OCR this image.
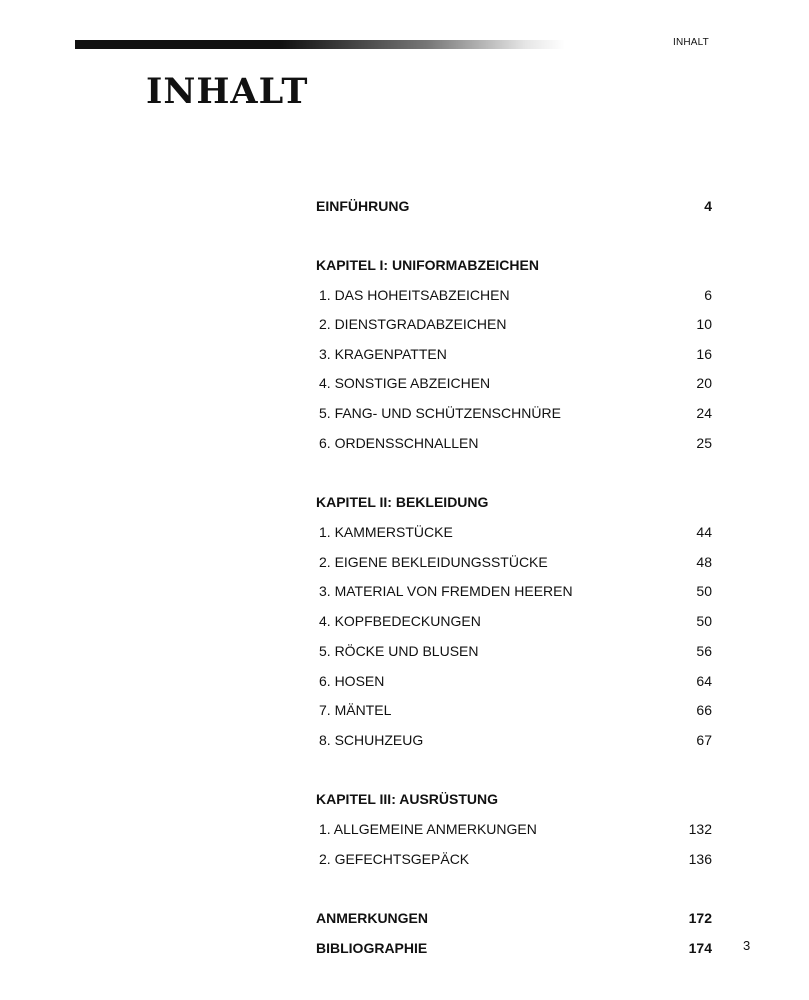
INHALT
INHALT
EINFÜHRUNG	4
KAPITEL I: UNIFORMABZEICHEN
1. DAS HOHEITSABZEICHEN	6
2. DIENSTGRADABZEICHEN	10
3. KRAGENPATTEN	16
4. SONSTIGE ABZEICHEN	20
5. FANG- UND SCHÜTZENSCHNÜRE	24
6. ORDENSSCHNALLEN	25
KAPITEL II: BEKLEIDUNG
1. KAMMERSTÜCKE	44
2. EIGENE BEKLEIDUNGSSTÜCKE	48
3. MATERIAL VON FREMDEN HEEREN	50
4. KOPFBEDECKUNGEN	50
5. RÖCKE UND BLUSEN	56
6. HOSEN	64
7. MÄNTEL	66
8. SCHUHZEUG	67
KAPITEL III: AUSRÜSTUNG
1. ALLGEMEINE ANMERKUNGEN	132
2. GEFECHTSGEPÄCK	136
ANMERKUNGEN	172
BIBLIOGRAPHIE	174 3
